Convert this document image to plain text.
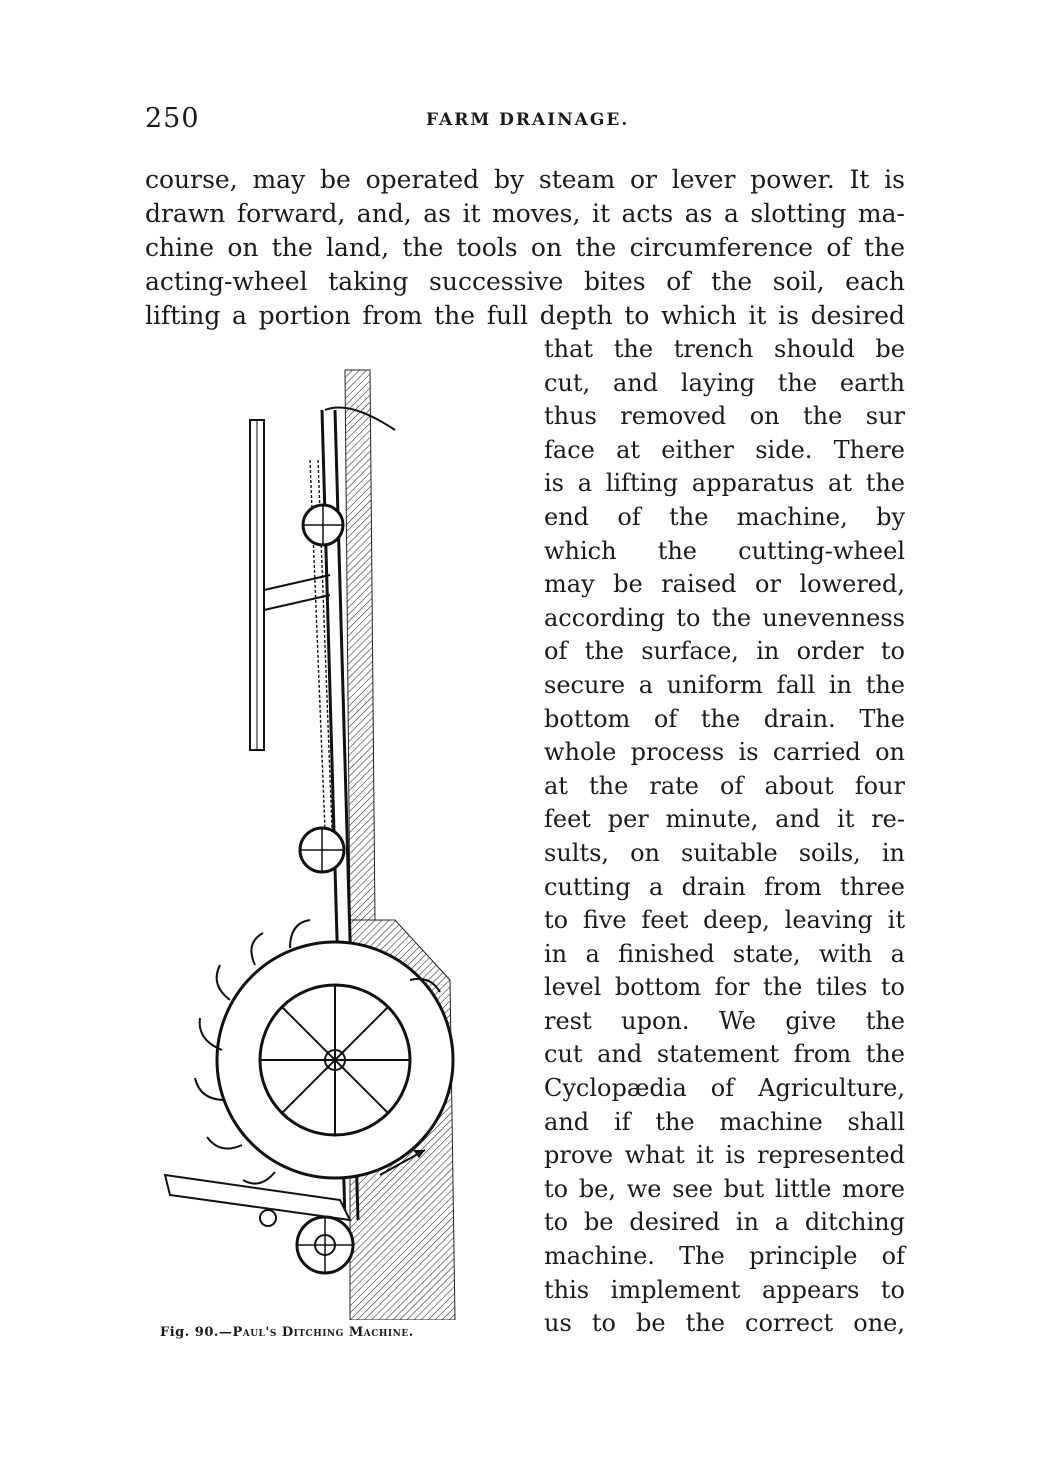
250	FARM DRAINAGE.
course, may be operated by steam or lever power. It is
drawn forward, and, as it moves, it acts as a slotting ma-
chine on the land, the tools on the circumference of the
acting-wheel taking successive bites of the soil, each
lifting a portion from the full depth to which it is desired
that the trench should be
cut, and laying the earth
thus removed on the sur
face at either side. There
is a lifting apparatus at the
end of the machine, by
which the cutting-wheel
may be raised or lowered,
according to the unevenness
of the surface, in order to
secure a uniform fall in the
bottom of the drain. The
whole process is carried on
at the rate of about four
feet per minute, and it re-
sults, on suitable soils, in
cutting a drain from three
to five feet deep, leaving it
in a finished state, with a
level bottom for the tiles to
rest upon. We give the
cut and statement from the
Cyclopædia of Agriculture,
and if the machine shall
prove what it is represented
to be, we see but little more
to be desired in a ditching
machine. The principle of
this implement appears to
us to be the correct one,
Fig. 90.—Paul's Ditching Machine.
